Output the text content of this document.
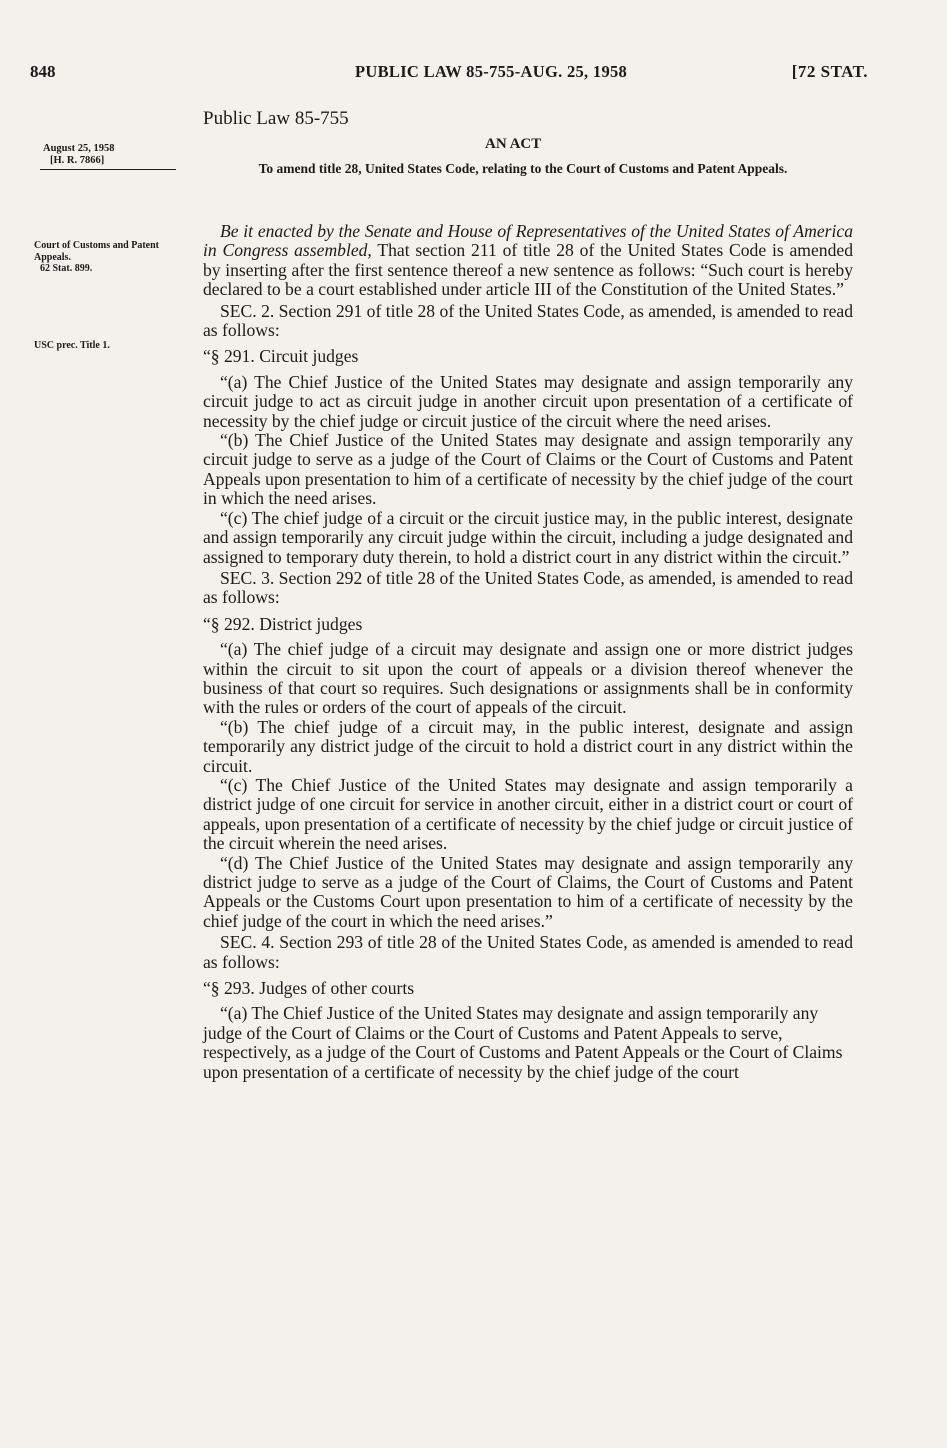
848	PUBLIC LAW 85-755-AUG. 25, 1958	[72 STAT.
Public Law 85-755
AN ACT
August 25, 1958
[H. R. 7866]
To amend title 28, United States Code, relating to the Court of Customs and Patent Appeals.
Court of Customs and Patent Appeals.
62 Stat. 899.
USC prec. Title 1.

Be it enacted by the Senate and House of Representatives of the United States of America in Congress assembled, That section 211 of title 28 of the United States Code is amended by inserting after the first sentence thereof a new sentence as follows: “Such court is hereby declared to be a court established under article III of the Constitution of the United States.”

SEC. 2. Section 291 of title 28 of the United States Code, as amended, is amended to read as follows:

“§ 291. Circuit judges

“(a) The Chief Justice of the United States may designate and assign temporarily any circuit judge to act as circuit judge in another circuit upon presentation of a certificate of necessity by the chief judge or circuit justice of the circuit where the need arises.

“(b) The Chief Justice of the United States may designate and assign temporarily any circuit judge to serve as a judge of the Court of Claims or the Court of Customs and Patent Appeals upon presentation to him of a certificate of necessity by the chief judge of the court in which the need arises.

“(c) The chief judge of a circuit or the circuit justice may, in the public interest, designate and assign temporarily any circuit judge within the circuit, including a judge designated and assigned to temporary duty therein, to hold a district court in any district within the circuit.”

SEC. 3. Section 292 of title 28 of the United States Code, as amended, is amended to read as follows:

“§ 292. District judges

“(a) The chief judge of a circuit may designate and assign one or more district judges within the circuit to sit upon the court of appeals or a division thereof whenever the business of that court so requires. Such designations or assignments shall be in conformity with the rules or orders of the court of appeals of the circuit.

“(b) The chief judge of a circuit may, in the public interest, designate and assign temporarily any district judge of the circuit to hold a district court in any district within the circuit.

“(c) The Chief Justice of the United States may designate and assign temporarily a district judge of one circuit for service in another circuit, either in a district court or court of appeals, upon presentation of a certificate of necessity by the chief judge or circuit justice of the circuit wherein the need arises.

“(d) The Chief Justice of the United States may designate and assign temporarily any district judge to serve as a judge of the Court of Claims, the Court of Customs and Patent Appeals or the Customs Court upon presentation to him of a certificate of necessity by the chief judge of the court in which the need arises.”

SEC. 4. Section 293 of title 28 of the United States Code, as amended is amended to read as follows:

“§ 293. Judges of other courts

“(a) The Chief Justice of the United States may designate and assign temporarily any judge of the Court of Claims or the Court of Customs and Patent Appeals to serve, respectively, as a judge of the Court of Customs and Patent Appeals or the Court of Claims upon presentation of a certificate of necessity by the chief judge of the court
